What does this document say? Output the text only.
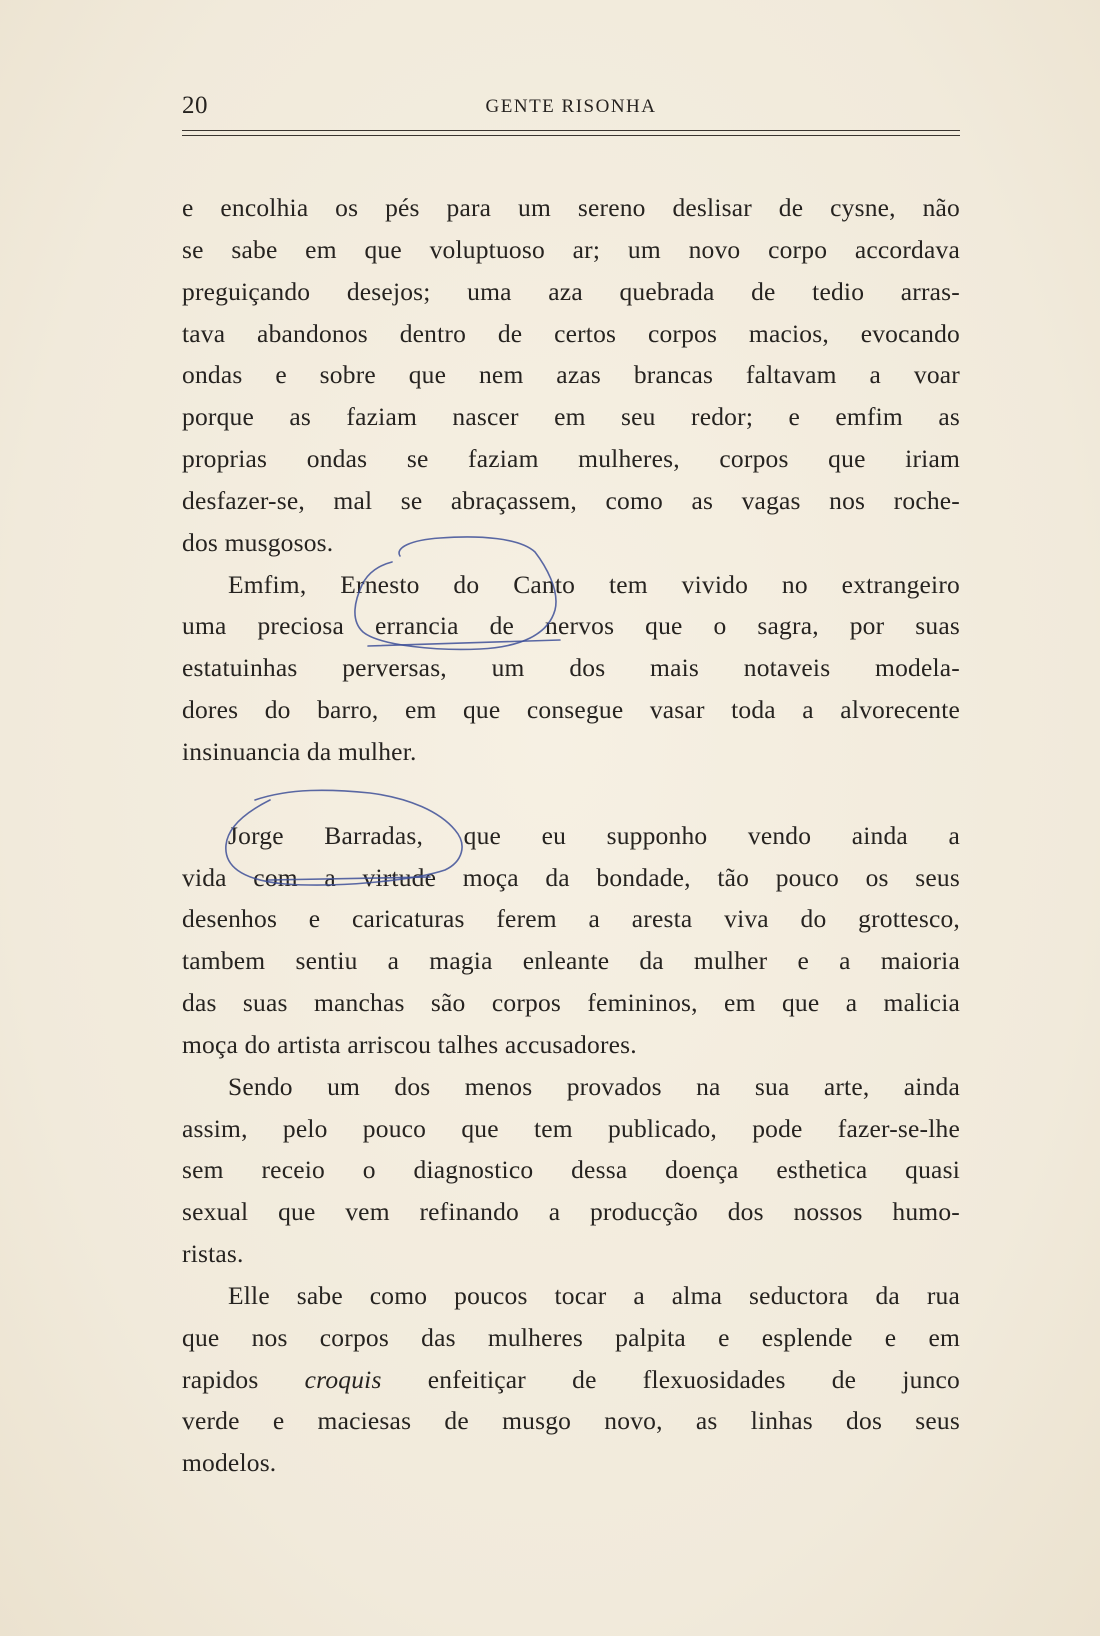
20	GENTE RISONHA
e encolhia os pés para um sereno deslisar de cysne, não
se sabe em que voluptuoso ar; um novo corpo accordava
preguiçando desejos; uma aza quebrada de tedio arras-
tava abandonos dentro de certos corpos macios, evocando
ondas e sobre que nem azas brancas faltavam a voar
porque as faziam nascer em seu redor; e emfim as
proprias ondas se faziam mulheres, corpos que iriam
desfazer-se, mal se abraçassem, como as vagas nos roche-
dos musgosos.
Emfim, Ernesto do Canto tem vivido no extrangeiro
uma preciosa errancia de nervos que o sagra, por suas
estatuinhas perversas, um dos mais notaveis modela-
dores do barro, em que consegue vasar toda a alvorecente
insinuancia da mulher.
Jorge Barradas, que eu supponho vendo ainda a
vida com a virtude moça da bondade, tão pouco os seus
desenhos e caricaturas ferem a aresta viva do grottesco,
tambem sentiu a magia enleante da mulher e a maioria
das suas manchas são corpos femininos, em que a malicia
moça do artista arriscou talhes accusadores.
Sendo um dos menos provados na sua arte, ainda
assim, pelo pouco que tem publicado, pode fazer-se-lhe
sem receio o diagnostico dessa doença esthetica quasi
sexual que vem refinando a producção dos nossos humo-
ristas.
Elle sabe como poucos tocar a alma seductora da rua
que nos corpos das mulheres palpita e esplende e em
rapidos croquis enfeitiçar de flexuosidades de junco
verde e maciesas de musgo novo, as linhas dos seus
modelos.
